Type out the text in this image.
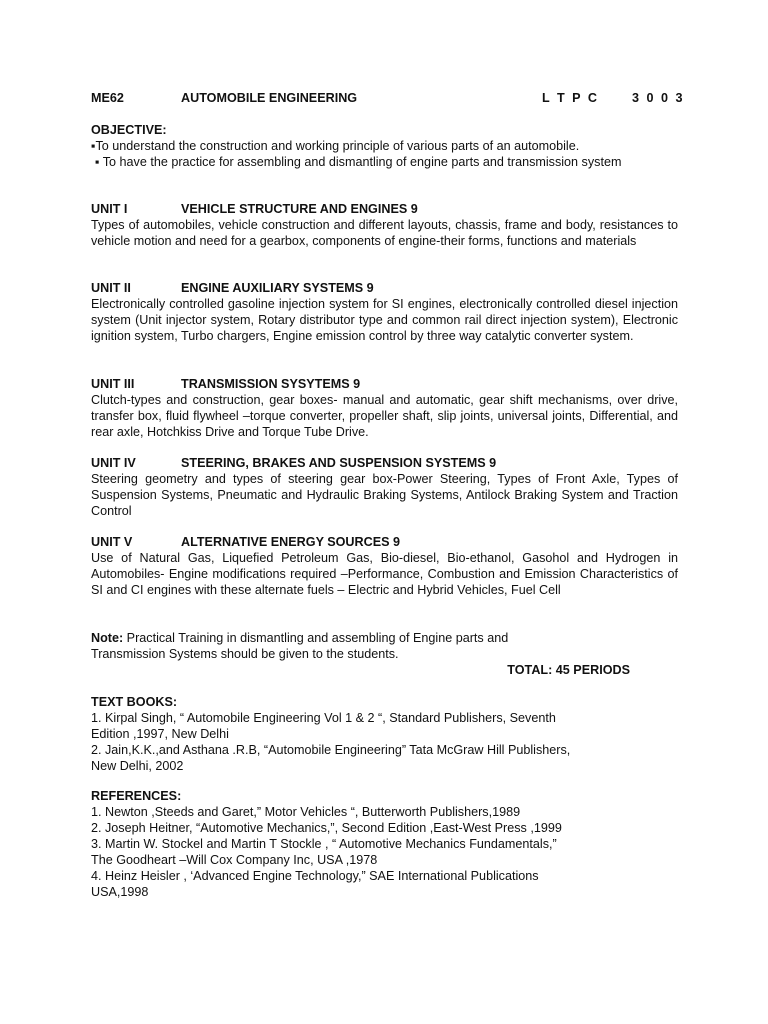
ME62	AUTOMOBILE ENGINEERING	L T P C	3 0 0 3
OBJECTIVE:
▪To understand the construction and working principle of various parts of an automobile.
▪ To have the practice for assembling and dismantling of engine parts and transmission system
UNIT I	VEHICLE STRUCTURE AND ENGINES 9
Types of automobiles, vehicle construction and different layouts, chassis, frame and body, resistances to vehicle motion and need for a gearbox, components of engine-their forms, functions and materials
UNIT II	ENGINE AUXILIARY SYSTEMS 9
Electronically controlled gasoline injection system for SI engines, electronically controlled diesel injection system (Unit injector system, Rotary distributor type and common rail direct injection system), Electronic ignition system, Turbo chargers, Engine emission control by three way catalytic converter system.
UNIT III	TRANSMISSION SYSYTEMS 9
Clutch-types and construction, gear boxes- manual and automatic, gear shift mechanisms, over drive, transfer box, fluid flywheel –torque converter, propeller shaft, slip joints, universal joints, Differential, and rear axle, Hotchkiss Drive and Torque Tube Drive.
UNIT IV	STEERING, BRAKES AND SUSPENSION SYSTEMS 9
Steering geometry and types of steering gear box-Power Steering, Types of Front Axle, Types of Suspension Systems, Pneumatic and Hydraulic Braking Systems, Antilock Braking System and Traction Control
UNIT V	ALTERNATIVE ENERGY SOURCES 9
Use of Natural Gas, Liquefied Petroleum Gas, Bio-diesel, Bio-ethanol, Gasohol and Hydrogen in Automobiles- Engine modifications required –Performance, Combustion and Emission Characteristics of SI and CI engines with these alternate fuels – Electric and Hybrid Vehicles, Fuel Cell
Note: Practical Training in dismantling and assembling of Engine parts and
Transmission Systems should be given to the students.
TOTAL: 45 PERIODS
TEXT BOOKS:
1. Kirpal Singh, “ Automobile Engineering Vol 1 & 2 “, Standard Publishers, Seventh
Edition ,1997, New Delhi
2. Jain,K.K.,and Asthana .R.B, “Automobile Engineering” Tata McGraw Hill Publishers,
New Delhi, 2002
REFERENCES:
1. Newton ,Steeds and Garet,” Motor Vehicles “, Butterworth Publishers,1989
2. Joseph Heitner, “Automotive Mechanics,”, Second Edition ,East-West Press ,1999
3. Martin W. Stockel and Martin T Stockle , “ Automotive Mechanics Fundamentals,”
The Goodheart –Will Cox Company Inc, USA ,1978
4. Heinz Heisler , ‘Advanced Engine Technology,” SAE International Publications
USA,1998
